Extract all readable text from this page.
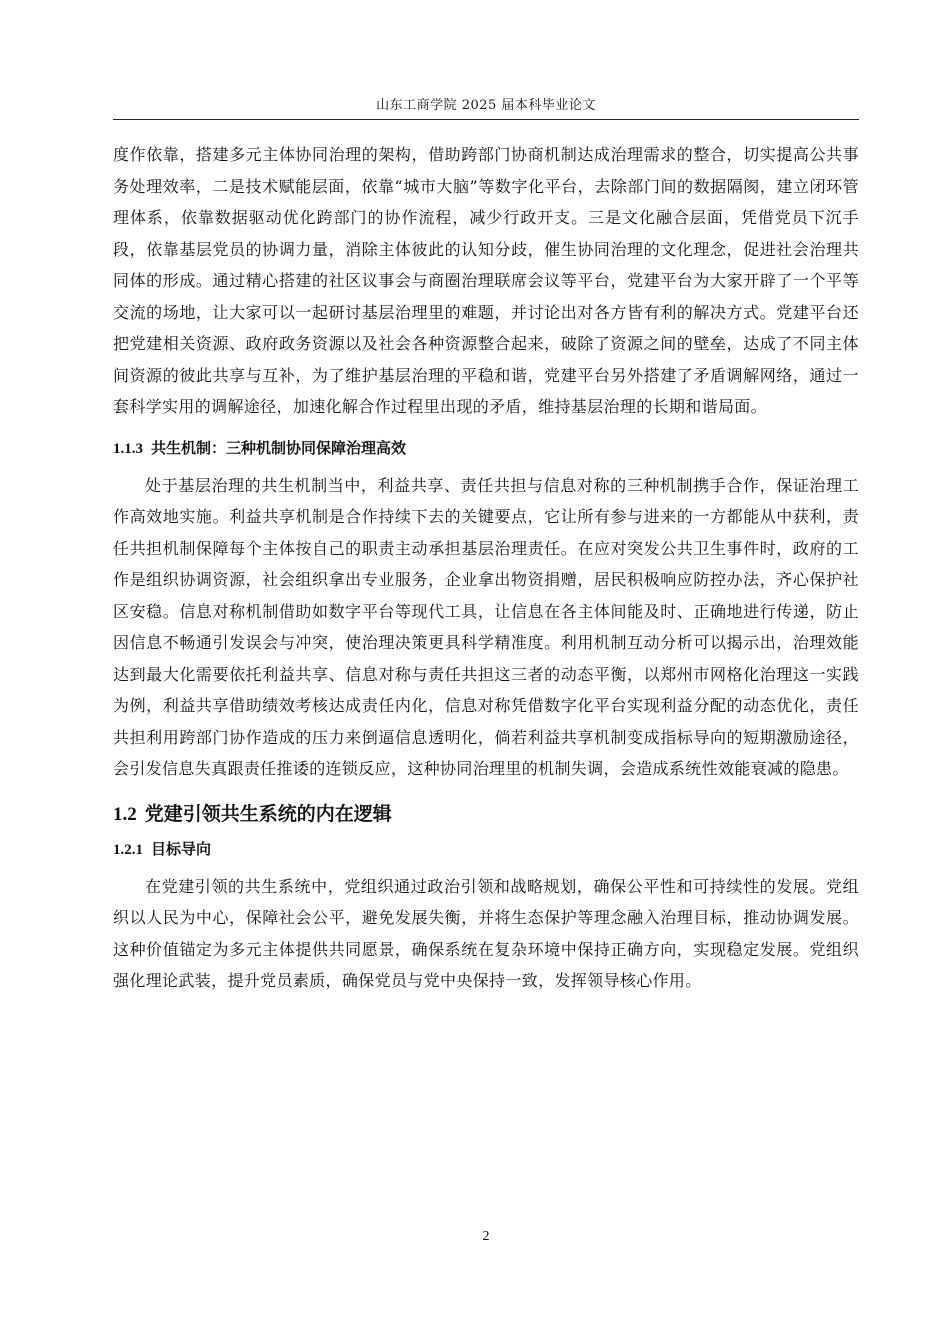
山东工商学院 2025 届本科毕业论文

度作依靠，搭建多元主体协同治理的架构，借助跨部门协商机制达成治理需求的整合，切实提高公共事务处理效率，二是技术赋能层面，依靠“城市大脑”等数字化平台，去除部门间的数据隔阂，建立闭环管理体系，依靠数据驱动优化跨部门的协作流程，减少行政开支。三是文化融合层面，凭借党员下沉手段，依靠基层党员的协调力量，消除主体彼此的认知分歧，催生协同治理的文化理念，促进社会治理共同体的形成。通过精心搭建的社区议事会与商圈治理联席会议等平台，党建平台为大家开辟了一个平等交流的场地，让大家可以一起研讨基层治理里的难题，并讨论出对各方皆有利的解决方式。党建平台还把党建相关资源、政府政务资源以及社会各种资源整合起来，破除了资源之间的壁垒，达成了不同主体间资源的彼此共享与互补，为了维护基层治理的平稳和谐，党建平台另外搭建了矛盾调解网络，通过一套科学实用的调解途径，加速化解合作过程里出现的矛盾，维持基层治理的长期和谐局面。

1.1.3 共生机制：三种机制协同保障治理高效

处于基层治理的共生机制当中，利益共享、责任共担与信息对称的三种机制携手合作，保证治理工作高效地实施。利益共享机制是合作持续下去的关键要点，它让所有参与进来的一方都能从中获利，责任共担机制保障每个主体按自己的职责主动承担基层治理责任。在应对突发公共卫生事件时，政府的工作是组织协调资源，社会组织拿出专业服务，企业拿出物资捐赠，居民积极响应防控办法，齐心保护社区安稳。信息对称机制借助如数字平台等现代工具，让信息在各主体间能及时、正确地进行传递，防止因信息不畅通引发误会与冲突，使治理决策更具科学精准度。利用机制互动分析可以揭示出，治理效能达到最大化需要依托利益共享、信息对称与责任共担这三者的动态平衡，以郑州市网格化治理这一实践为例，利益共享借助绩效考核达成责任内化，信息对称凭借数字化平台实现利益分配的动态优化，责任共担利用跨部门协作造成的压力来倒逼信息透明化，倘若利益共享机制变成指标导向的短期激励途径，会引发信息失真跟责任推诿的连锁反应，这种协同治理里的机制失调，会造成系统性效能衰减的隐患。

1.2 党建引领共生系统的内在逻辑
1.2.1 目标导向

在党建引领的共生系统中，党组织通过政治引领和战略规划，确保公平性和可持续性的发展。党组织以人民为中心，保障社会公平，避免发展失衡，并将生态保护等理念融入治理目标，推动协调发展。这种价值锚定为多元主体提供共同愿景，确保系统在复杂环境中保持正确方向，实现稳定发展。党组织强化理论武装，提升党员素质，确保党员与党中央保持一致，发挥领导核心作用。

2
